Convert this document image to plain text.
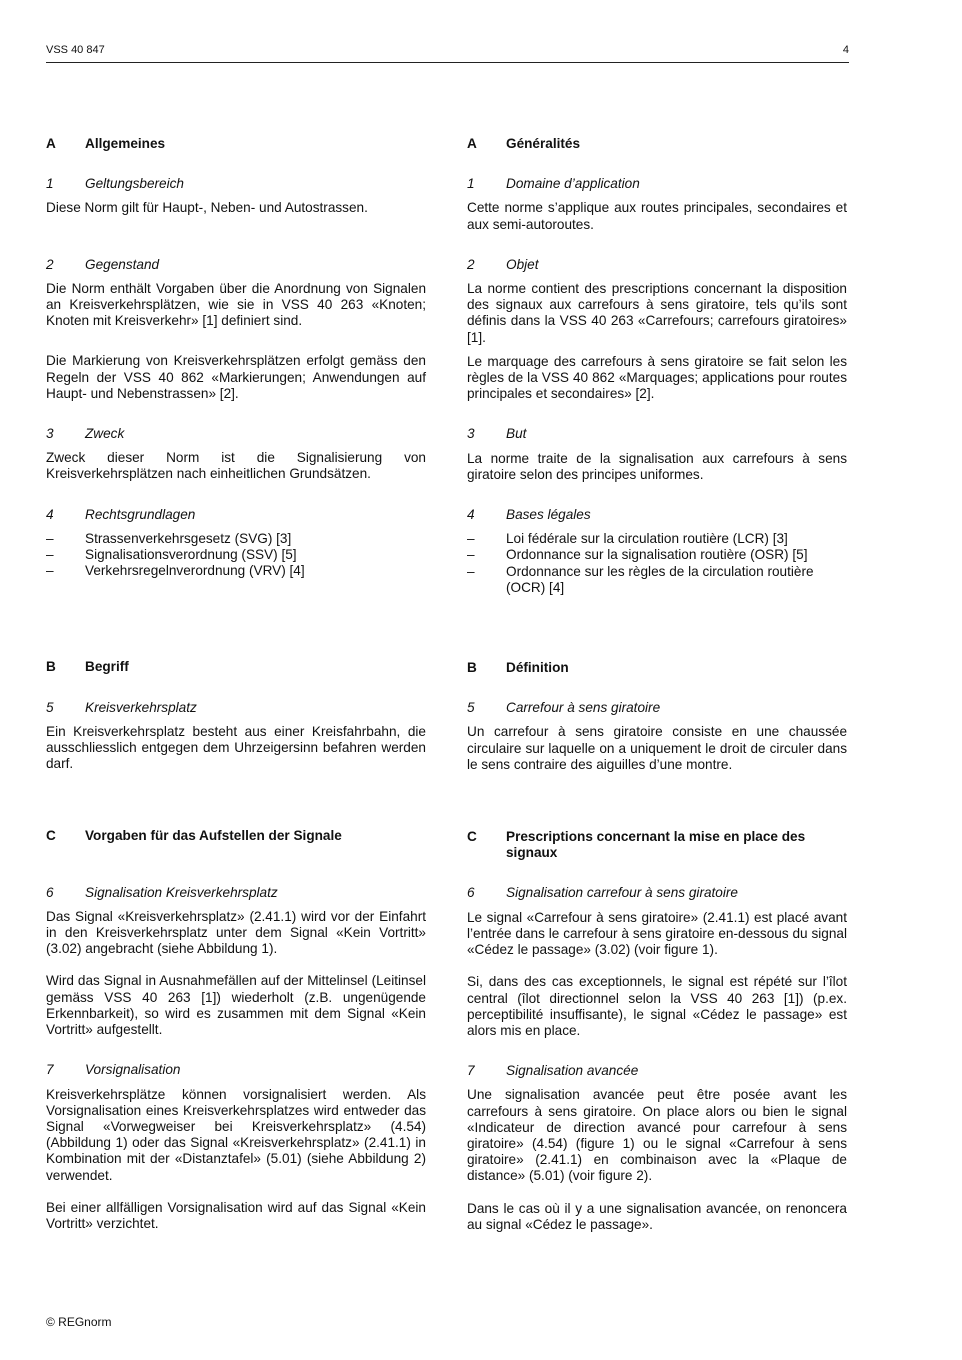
VSS 40 847	4
A	Allgemeines
1	Geltungsbereich

Diese Norm gilt für Haupt-, Neben- und Autostrassen.

2	Gegenstand

Die Norm enthält Vorgaben über die Anordnung von Signalen an Kreisverkehrsplätzen, wie sie in VSS 40 263 «Knoten; Knoten mit Kreisverkehr» [1] definiert sind.

Die Markierung von Kreisverkehrsplätzen erfolgt gemäss den Regeln der VSS 40 862 «Markierungen; Anwendungen auf Haupt- und Nebenstrassen» [2].

3	Zweck

Zweck dieser Norm ist die Signalisierung von Kreisverkehrsplätzen nach einheitlichen Grundsätzen.

4	Rechtsgrundlagen
–	Strassenverkehrsgesetz (SVG) [3]
–	Signalisationsverordnung (SSV) [5]
–	Verkehrsregelnverordnung (VRV) [4]
B	Begriff
5	Kreisverkehrsplatz

Ein Kreisverkehrsplatz besteht aus einer Kreisfahrbahn, die ausschliesslich entgegen dem Uhrzeigersinn befahren werden darf.

C	Vorgaben für das Aufstellen der Signale
6	Signalisation Kreisverkehrsplatz

Das Signal «Kreisverkehrsplatz» (2.41.1) wird vor der Einfahrt in den Kreisverkehrsplatz unter dem Signal «Kein Vortritt» (3.02) angebracht (siehe Abbildung 1).

Wird das Signal in Ausnahmefällen auf der Mittelinsel (Leitinsel gemäss VSS 40 263 [1]) wiederholt (z.B. ungenügende Erkennbarkeit), so wird es zusammen mit dem Signal «Kein Vortritt» aufgestellt.

7	Vorsignalisation

Kreisverkehrsplätze können vorsignalisiert werden. Als Vorsignalisation eines Kreisverkehrsplatzes wird entweder das Signal «Vorwegweiser bei Kreisverkehrsplatz» (4.54) (Abbildung 1) oder das Signal «Kreisverkehrsplatz» (2.41.1) in Kombination mit der «Distanztafel» (5.01) (siehe Abbildung 2) verwendet.

Bei einer allfälligen Vorsignalisation wird auf das Signal «Kein Vortritt» verzichtet.

A	Généralités
1	Domaine d’application

Cette norme s’applique aux routes principales, secondaires et aux semi-autoroutes.

2	Objet

La norme contient des prescriptions concernant la disposition des signaux aux carrefours à sens giratoire, tels qu’ils sont définis dans la VSS 40 263 «Carrefours; carrefours giratoires» [1].

Le marquage des carrefours à sens giratoire se fait selon les règles de la VSS 40 862 «Marquages; applications pour routes principales et secondaires» [2].

3	But

La norme traite de la signalisation aux carrefours à sens giratoire selon des principes uniformes.

4	Bases légales
–	Loi fédérale sur la circulation routière (LCR) [3]
–	Ordonnance sur la signalisation routière (OSR) [5]
–	Ordonnance sur les règles de la circulation routière (OCR) [4]
B	Définition
5	Carrefour à sens giratoire

Un carrefour à sens giratoire consiste en une chaussée circulaire sur laquelle on a uniquement le droit de circuler dans le sens contraire des aiguilles d’une montre.

C	Prescriptions concernant la mise en place des signaux
6	Signalisation carrefour à sens giratoire

Le signal «Carrefour à sens giratoire» (2.41.1) est placé avant l’entrée dans le carrefour à sens giratoire en-dessous du signal «Cédez le passage» (3.02) (voir figure 1).

Si, dans des cas exceptionnels, le signal est répété sur l’îlot central (îlot directionnel selon la VSS 40 263 [1]) (p.ex. perceptibilité insuffisante), le signal «Cédez le passage» est alors mis en place.

7	Signalisation avancée

Une signalisation avancée peut être posée avant les carrefours à sens giratoire. On place alors ou bien le signal «Indicateur de direction avancé pour carrefour à sens giratoire» (4.54) (figure 1) ou le signal «Carrefour à sens giratoire» (2.41.1) en combinaison avec la «Plaque de distance» (5.01) (voir figure 2).

Dans le cas où il y a une signalisation avancée, on renoncera au signal «Cédez le passage».

© REGnorm
